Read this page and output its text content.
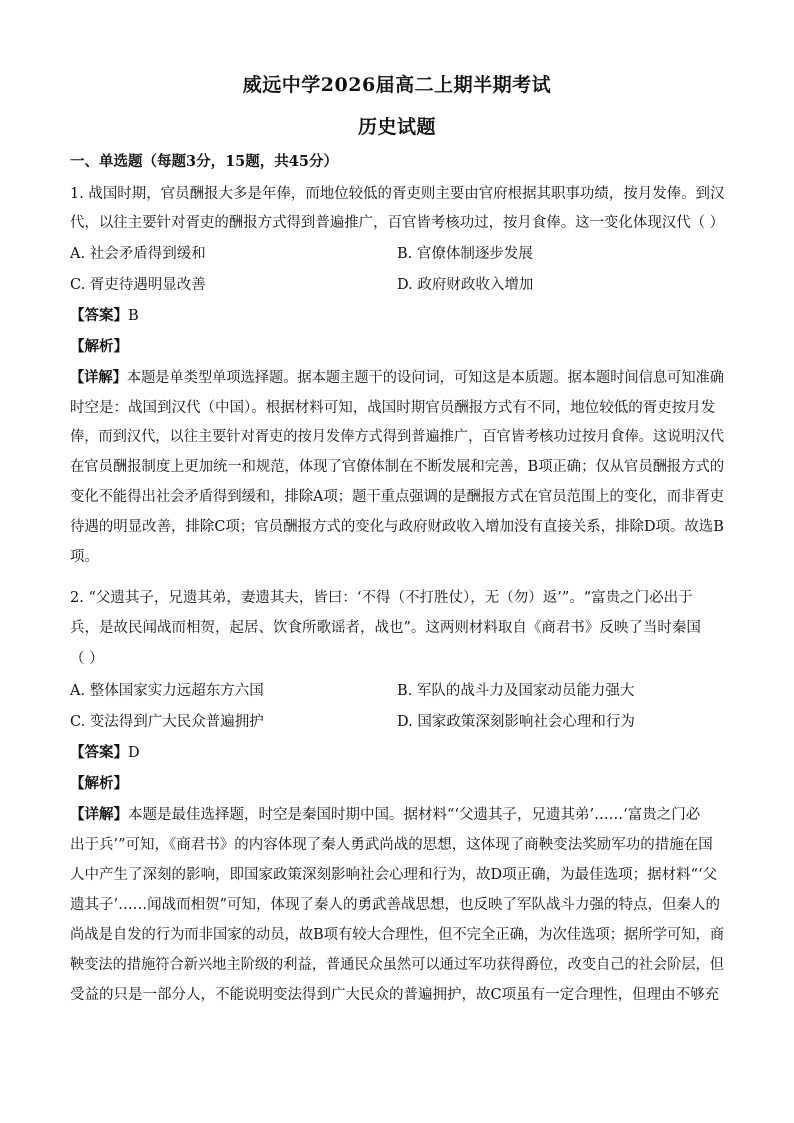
威远中学2026届高二上期半期考试
历史试题
一、单选题（每题3分，15题，共45分）
1. 战国时期，官员酬报大多是年俸，而地位较低的胥吏则主要由官府根据其职事功绩，按月发俸。到汉
代，以往主要针对胥吏的酬报方式得到普遍推广，百官皆考核功过，按月食俸。这一变化体现汉代（ ）
A. 社会矛盾得到缓和	B. 官僚体制逐步发展
C. 胥吏待遇明显改善	D. 政府财政收入增加
【答案】B
【解析】
【详解】本题是单类型单项选择题。据本题主题干的设问词，可知这是本质题。据本题时间信息可知准确
时空是：战国到汉代（中国）。根据材料可知，战国时期官员酬报方式有不同，地位较低的胥吏按月发
俸，而到汉代，以往主要针对胥吏的按月发俸方式得到普遍推广，百官皆考核功过按月食俸。这说明汉代
在官员酬报制度上更加统一和规范，体现了官僚体制在不断发展和完善，B项正确；仅从官员酬报方式的
变化不能得出社会矛盾得到缓和，排除A项；题干重点强调的是酬报方式在官员范围上的变化，而非胥吏
待遇的明显改善，排除C项；官员酬报方式的变化与政府财政收入增加没有直接关系，排除D项。故选B
项。
2. “父遗其子，兄遗其弟，妻遗其夫，皆曰：‘不得（不打胜仗），无（勿）返’”。“富贵之门必出于
兵，是故民闻战而相贺，起居、饮食所歌谣者，战也”。这两则材料取自《商君书》反映了当时秦国
（ ）
A. 整体国家实力远超东方六国	B. 军队的战斗力及国家动员能力强大
C. 变法得到广大民众普遍拥护	D. 国家政策深刻影响社会心理和行为
【答案】D
【解析】
【详解】本题是最佳选择题，时空是秦国时期中国。据材料“‘父遗其子，兄遗其弟’……‘富贵之门必
出于兵’”可知，《商君书》的内容体现了秦人勇武尚战的思想，这体现了商鞅变法奖励军功的措施在国
人中产生了深刻的影响，即国家政策深刻影响社会心理和行为，故D项正确，为最佳选项；据材料“‘父
遗其子’……闻战而相贺”可知，体现了秦人的勇武善战思想，也反映了军队战斗力强的特点，但秦人的
尚战是自发的行为而非国家的动员，故B项有较大合理性，但不完全正确，为次佳选项；据所学可知，商
鞅变法的措施符合新兴地主阶级的利益，普通民众虽然可以通过军功获得爵位，改变自己的社会阶层，但
受益的只是一部分人，不能说明变法得到广大民众的普遍拥护，故C项虽有一定合理性，但理由不够充
